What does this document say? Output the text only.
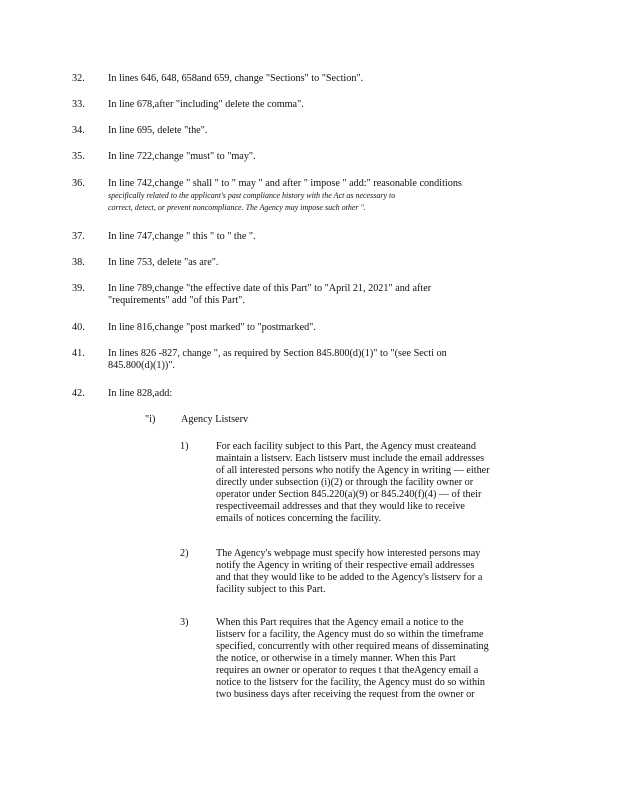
32.	In lines 646, 648, 658and 659, change "Sections" to "Section".
33.	In line 678,after "including" delete the comma".
34.	In line 695, delete "the".
35.	In line 722,change "must" to "may".
36.	In line 742,change " shall " to " may " and after " impose " add:" reasonable conditions
specifically related to the applicant's past compliance history with the Act as necessary to
correct, detect, or prevent noncompliance. The Agency may impose such other ".
37.	In line 747,change " this " to " the ".
38.	In line 753, delete "as are".
39.	In line 789,change "the effective date of this Part" to "April 21, 2021" and after
"requirements" add "of this Part".
40.	In line 816,change "post marked" to "postmarked".
41.	In lines 826 -827, change ", as required by Section 845.800(d)(1)" to "(see Secti on
845.800(d)(1))".
42.	In line 828,add:
"i)	Agency Listserv
1)	For each facility subject to this Part, the Agency must createand
maintain a listserv. Each listserv must include the email addresses
of all interested persons who notify the Agency in writing — either
directly under subsection (i)(2) or through the facility owner or
operator under Section 845.220(a)(9) or 845.240(f)(4) — of their
respectiveemail addresses and that they would like to receive
emails of notices concerning the facility.
2)	The Agency's webpage must specify how interested persons may
notify the Agency in writing of their respective email addresses
and that they would like to be added to the Agency's listserv for a
facility subject to this Part.
3)	When this Part requires that the Agency email a notice to the
listserv for a facility, the Agency must do so within the timeframe
specified, concurrently with other required means of disseminating
the notice, or otherwise in a timely manner. When this Part
requires an owner or operator to reques t that theAgency email a
notice to the listserv for the facility, the Agency must do so within
two business days after receiving the request from the owner or
